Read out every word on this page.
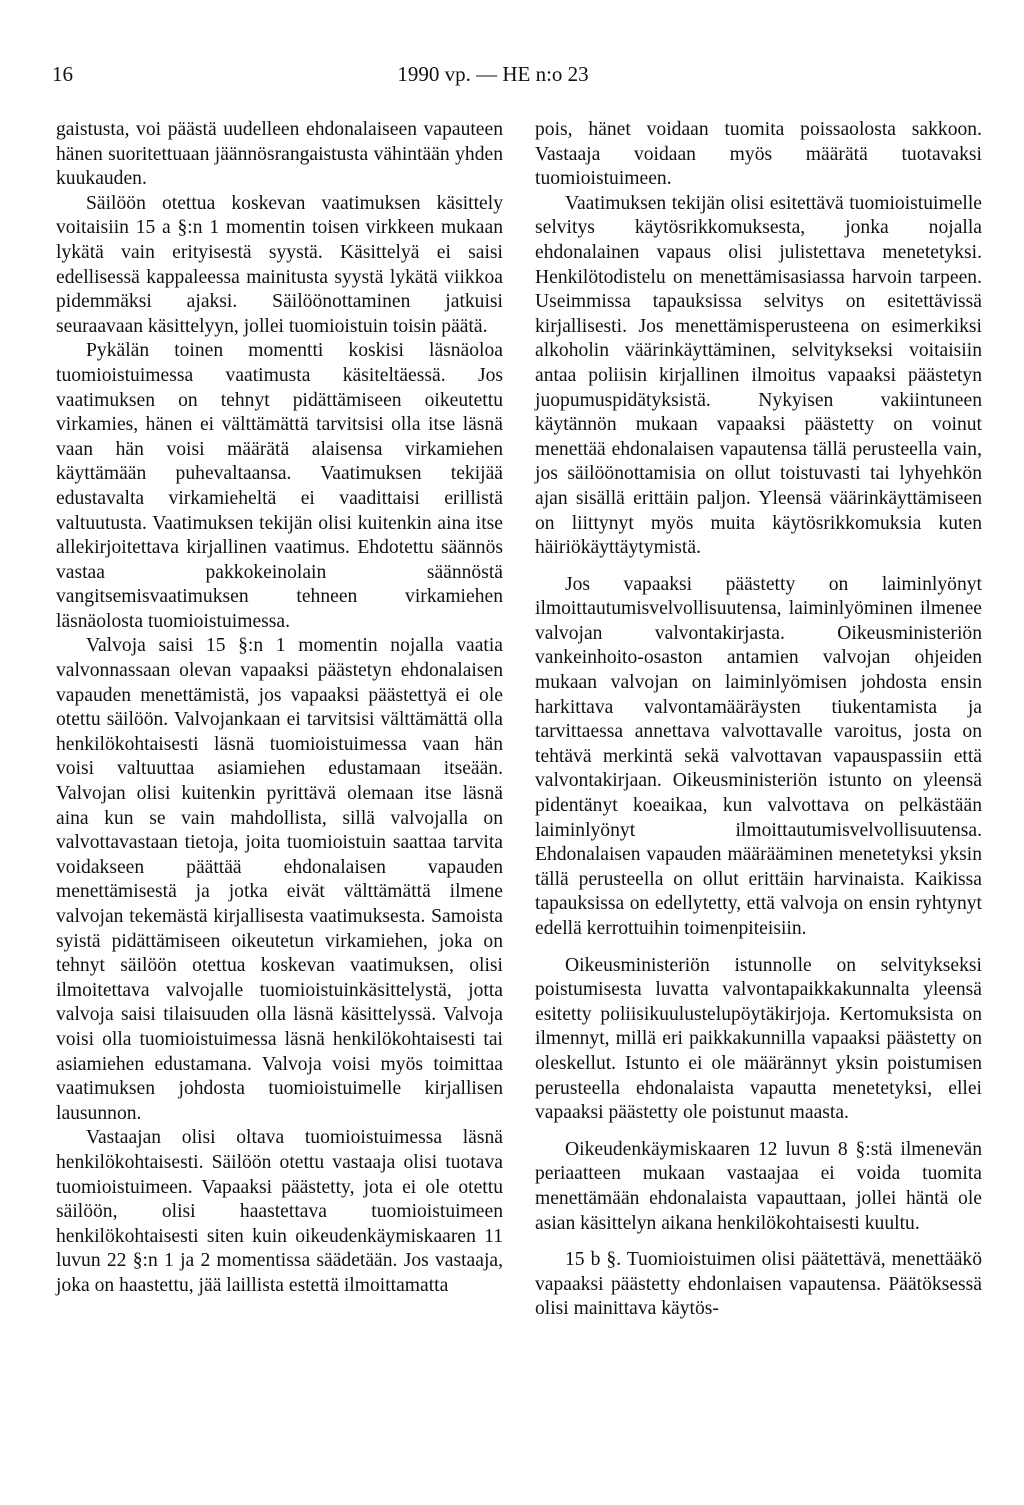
16	1990 vp. — HE n:o 23

gaistusta, voi päästä uudelleen ehdonalaiseen vapauteen hänen suoritettuaan jäännösrangaistusta vähintään yhden kuukauden.

Säilöön otettua koskevan vaatimuksen käsittely voitaisiin 15 a §:n 1 momentin toisen virkkeen mukaan lykätä vain erityisestä syystä. Käsittelyä ei saisi edellisessä kappaleessa mainitusta syystä lykätä viikkoa pidemmäksi ajaksi. Säilöönottaminen jatkuisi seuraavaan käsittelyyn, jollei tuomioistuin toisin päätä.

Pykälän toinen momentti koskisi läsnäoloa tuomioistuimessa vaatimusta käsiteltäessä. Jos vaatimuksen on tehnyt pidättämiseen oikeutettu virkamies, hänen ei välttämättä tarvitsisi olla itse läsnä vaan hän voisi määrätä alaisensa virkamiehen käyttämään puhevaltaansa. Vaatimuksen tekijää edustavalta virkamieheltä ei vaadittaisi erillistä valtuutusta. Vaatimuksen tekijän olisi kuitenkin aina itse allekirjoitettava kirjallinen vaatimus. Ehdotettu säännös vastaa pakkokeinolain säännöstä vangitsemisvaatimuksen tehneen virkamiehen läsnäolosta tuomioistuimessa.

Valvoja saisi 15 §:n 1 momentin nojalla vaatia valvonnassaan olevan vapaaksi päästetyn ehdonalaisen vapauden menettämistä, jos vapaaksi päästettyä ei ole otettu säilöön. Valvojankaan ei tarvitsisi välttämättä olla henkilökohtaisesti läsnä tuomioistuimessa vaan hän voisi valtuuttaa asiamiehen edustamaan itseään. Valvojan olisi kuitenkin pyrittävä olemaan itse läsnä aina kun se vain mahdollista, sillä valvojalla on valvottavastaan tietoja, joita tuomioistuin saattaa tarvita voidakseen päättää ehdonalaisen vapauden menettämisestä ja jotka eivät välttämättä ilmene valvojan tekemästä kirjallisesta vaatimuksesta. Samoista syistä pidättämiseen oikeutetun virkamiehen, joka on tehnyt säilöön otettua koskevan vaatimuksen, olisi ilmoitettava valvojalle tuomioistuinkäsittelystä, jotta valvoja saisi tilaisuuden olla läsnä käsittelyssä. Valvoja voisi olla tuomioistuimessa läsnä henkilökohtaisesti tai asiamiehen edustamana. Valvoja voisi myös toimittaa vaatimuksen johdosta tuomioistuimelle kirjallisen lausunnon.

Vastaajan olisi oltava tuomioistuimessa läsnä henkilökohtaisesti. Säilöön otettu vastaaja olisi tuotava tuomioistuimeen. Vapaaksi päästetty, jota ei ole otettu säilöön, olisi haastettava tuomioistuimeen henkilökohtaisesti siten kuin oikeudenkäymiskaaren 11 luvun 22 §:n 1 ja 2 momentissa säädetään. Jos vastaaja, joka on haastettu, jää laillista estettä ilmoittamatta

pois, hänet voidaan tuomita poissaolosta sakkoon. Vastaaja voidaan myös määrätä tuotavaksi tuomioistuimeen.

Vaatimuksen tekijän olisi esitettävä tuomioistuimelle selvitys käytösrikkomuksesta, jonka nojalla ehdonalainen vapaus olisi julistettava menetetyksi. Henkilötodistelu on menettämisasiassa harvoin tarpeen. Useimmissa tapauksissa selvitys on esitettävissä kirjallisesti. Jos menettämisperusteena on esimerkiksi alkoholin väärinkäyttäminen, selvitykseksi voitaisiin antaa poliisin kirjallinen ilmoitus vapaaksi päästetyn juopumuspidätyksistä. Nykyisen vakiintuneen käytännön mukaan vapaaksi päästetty on voinut menettää ehdonalaisen vapautensa tällä perusteella vain, jos säilöönottamisia on ollut toistuvasti tai lyhyehkön ajan sisällä erittäin paljon. Yleensä väärinkäyttämiseen on liittynyt myös muita käytösrikkomuksia kuten häiriökäyttäytymistä.

Jos vapaaksi päästetty on laiminlyönyt ilmoittautumisvelvollisuutensa, laiminlyöminen ilmenee valvojan valvontakirjasta. Oikeusministeriön vankeinhoito-osaston antamien valvojan ohjeiden mukaan valvojan on laiminlyömisen johdosta ensin harkittava valvontamääräysten tiukentamista ja tarvittaessa annettava valvottavalle varoitus, josta on tehtävä merkintä sekä valvottavan vapauspassiin että valvontakirjaan. Oikeusministeriön istunto on yleensä pidentänyt koeaikaa, kun valvottava on pelkästään laiminlyönyt ilmoittautumisvelvollisuutensa. Ehdonalaisen vapauden määrääminen menetetyksi yksin tällä perusteella on ollut erittäin harvinaista. Kaikissa tapauksissa on edellytetty, että valvoja on ensin ryhtynyt edellä kerrottuihin toimenpiteisiin.

Oikeusministeriön istunnolle on selvitykseksi poistumisesta luvatta valvontapaikkakunnalta yleensä esitetty poliisikuulustelupöytäkirjoja. Kertomuksista on ilmennyt, millä eri paikkakunnilla vapaaksi päästetty on oleskellut. Istunto ei ole määrännyt yksin poistumisen perusteella ehdonalaista vapautta menetetyksi, ellei vapaaksi päästetty ole poistunut maasta.

Oikeudenkäymiskaaren 12 luvun 8 §:stä ilmenevän periaatteen mukaan vastaajaa ei voida tuomita menettämään ehdonalaista vapauttaan, jollei häntä ole asian käsittelyn aikana henkilökohtaisesti kuultu.

15 b §. Tuomioistuimen olisi päätettävä, menettääkö vapaaksi päästetty ehdonlaisen vapautensa. Päätöksessä olisi mainittava käytös-
